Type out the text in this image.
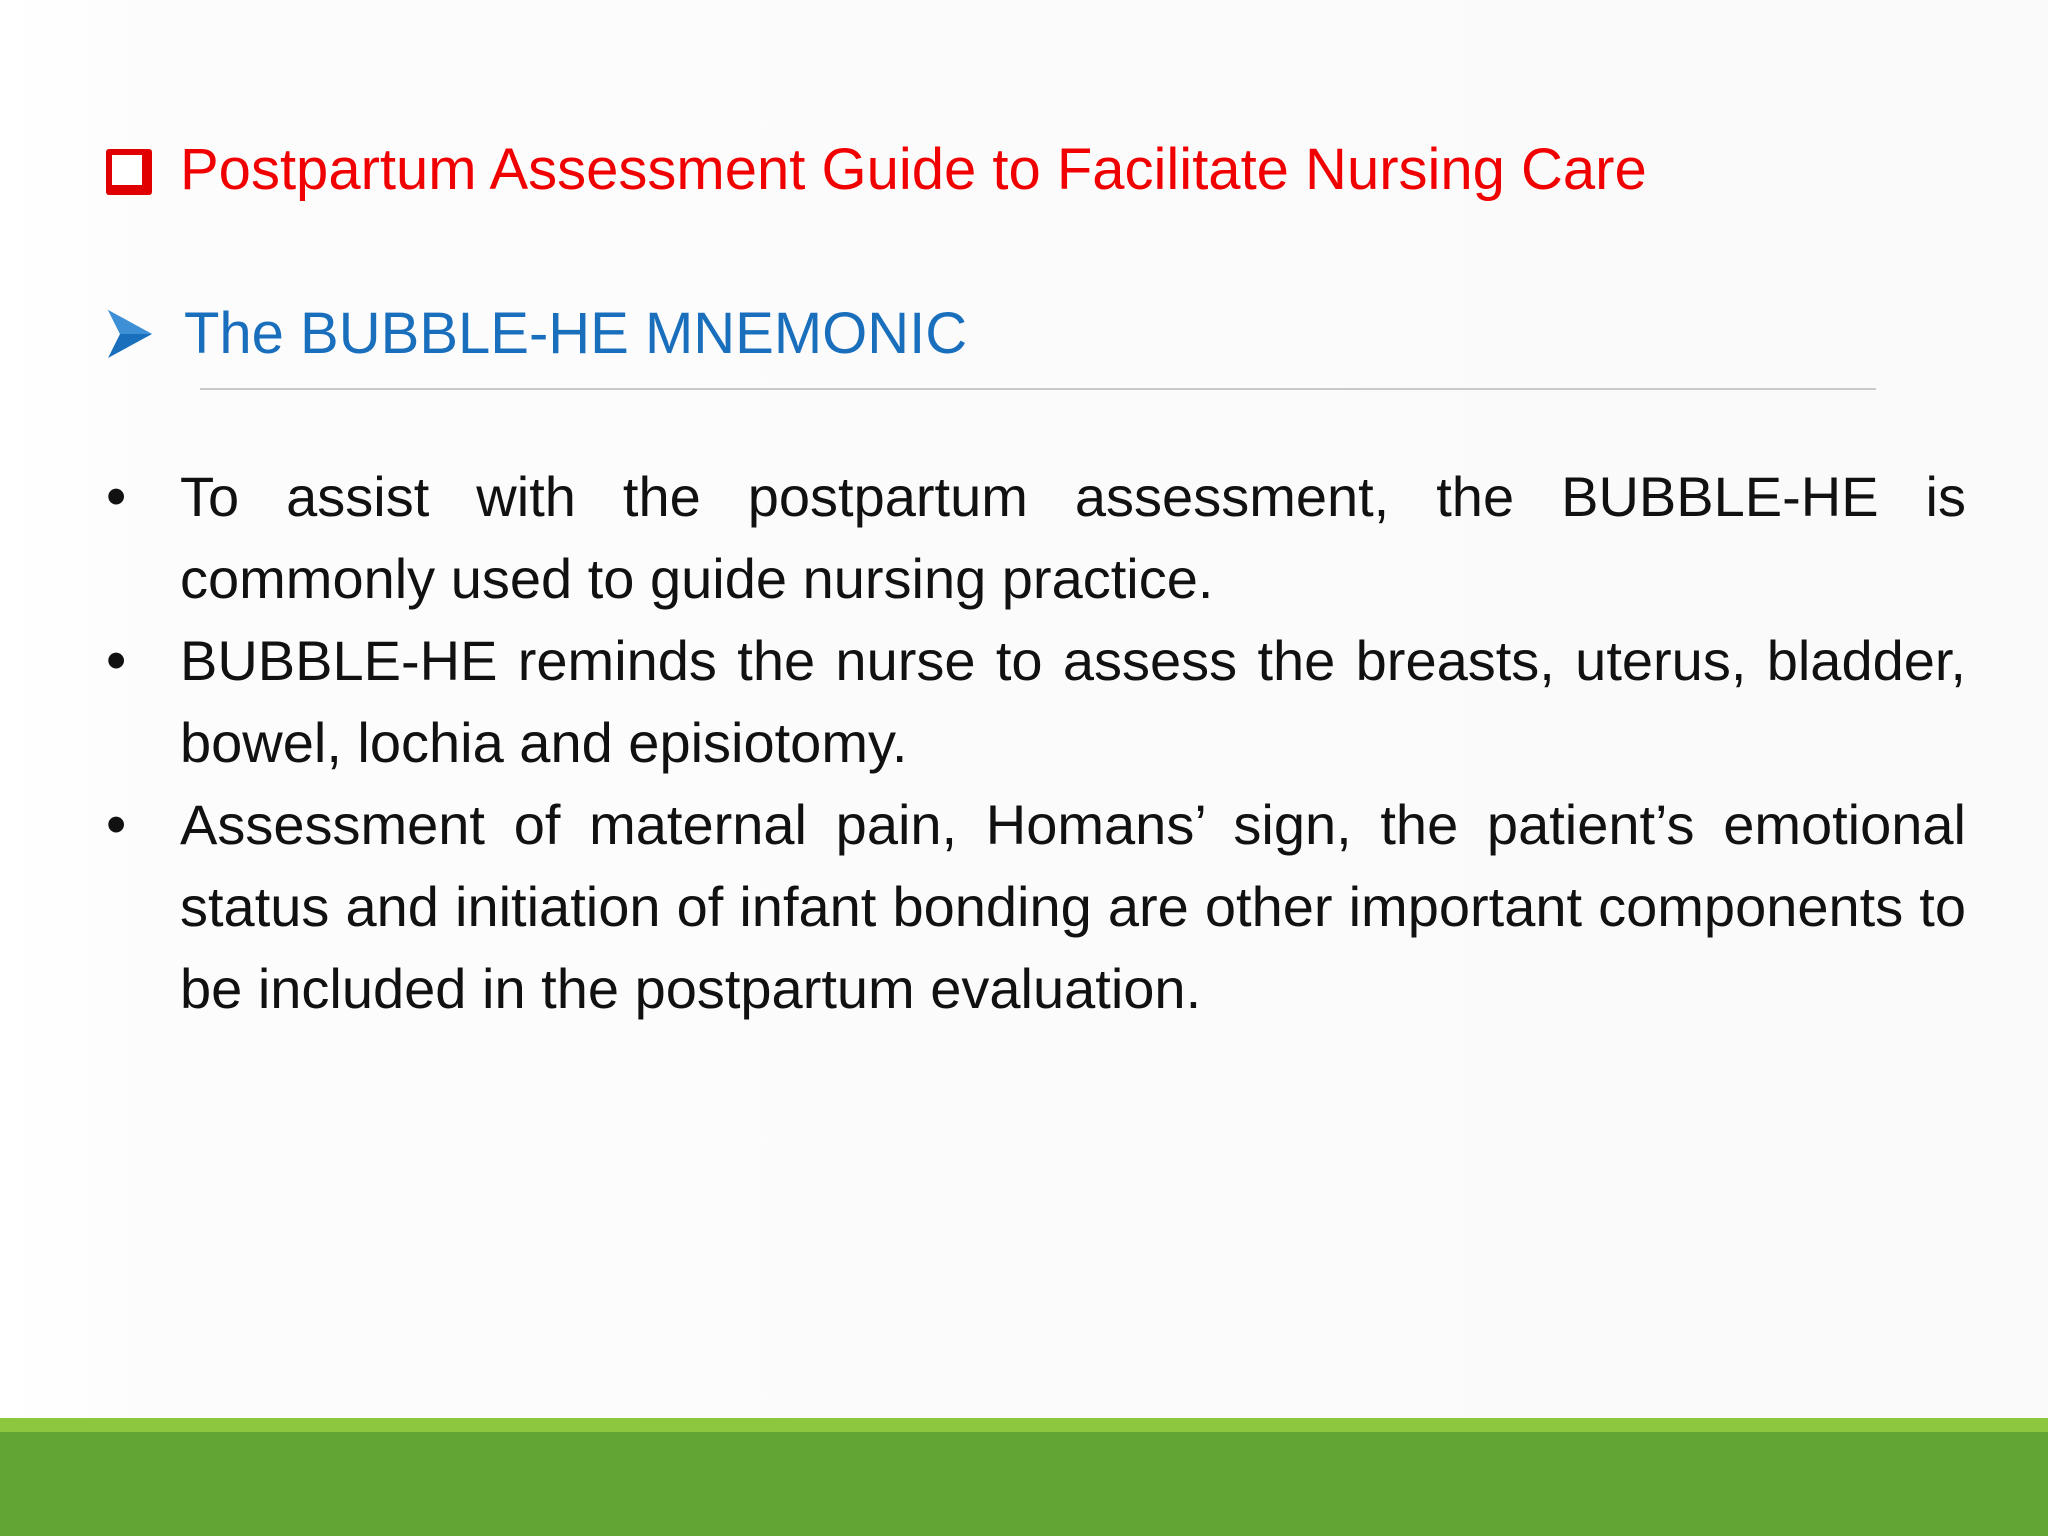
Postpartum Assessment Guide to Facilitate Nursing Care
The BUBBLE-HE MNEMONIC
• To assist with the postpartum assessment, the BUBBLE-HE is commonly used to guide nursing practice.
• BUBBLE-HE reminds the nurse to assess the breasts, uterus, bladder, bowel, lochia and episiotomy.
• Assessment of maternal pain, Homans’ sign, the patient’s emotional status and initiation of infant bonding are other important components to be included in the postpartum evaluation.
